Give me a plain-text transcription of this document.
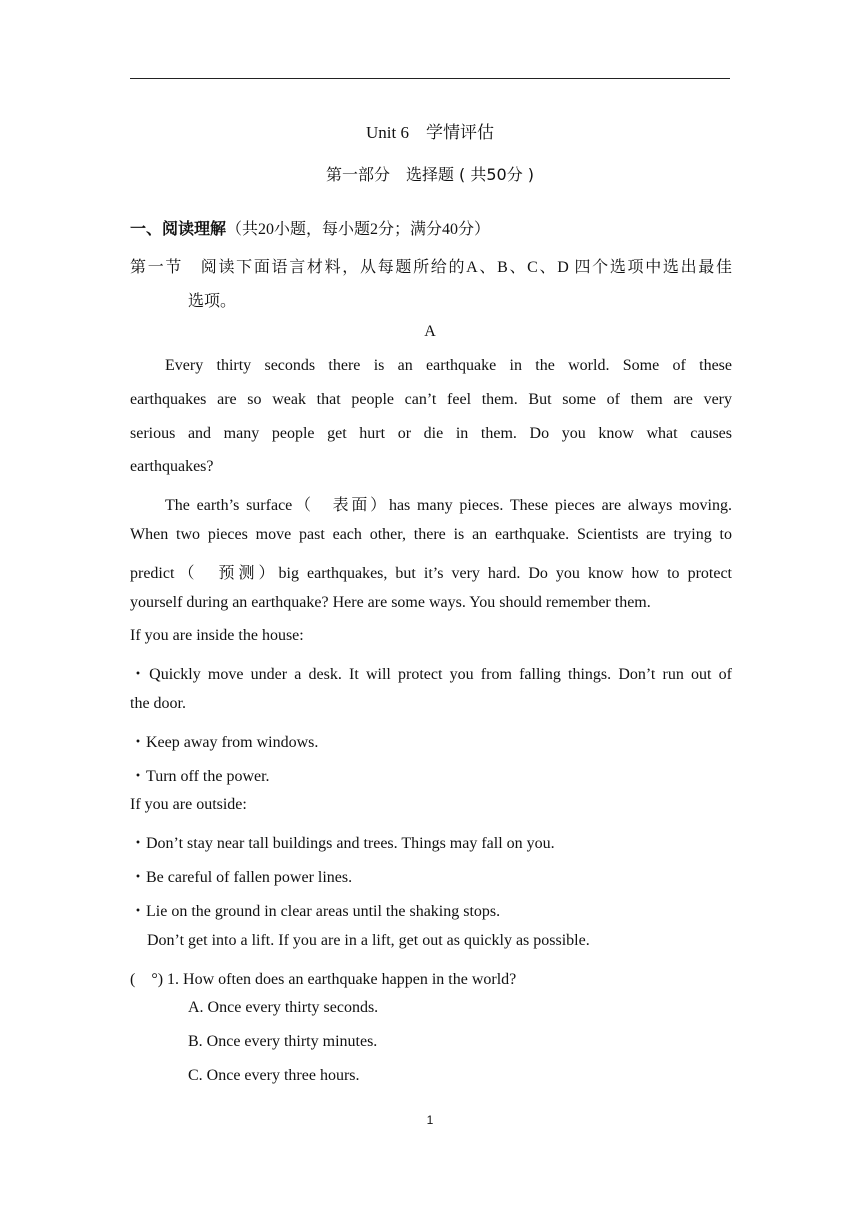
Unit 6　学情评估
第一部分　选择题 ( 共50分 )
一、阅读理解（共20小题，每小题2分；满分40分）
第一节　阅读下面语言材料，从每题所给的A、B、C、D 四个选项中选出最佳
选项。
A
Every thirty seconds there is an earthquake in the world. Some of these
earthquakes are so weak that people can’t feel them. But some of them are very
serious and many people get hurt or die in them. Do you know what causes
earthquakes?
The earth’s surface（　表面）has many pieces. These pieces are always moving.
When two pieces move past each other, there is an earthquake. Scientists are trying to
predict（　预测）big earthquakes, but it’s very hard. Do you know how to protect
yourself during an earthquake? Here are some ways. You should remember them.
If you are inside the house:
・Quickly move under a desk. It will protect you from falling things. Don’t run out of
the door.
・Keep away from windows.
・Turn off the power.
If you are outside:
・Don’t stay near tall buildings and trees. Things may fall on you.
・Be careful of fallen power lines.
・Lie on the ground in clear areas until the shaking stops.
Don’t get into a lift. If you are in a lift, get out as quickly as possible.
(　°) 1. How often does an earthquake happen in the world?
A. Once every thirty seconds.
B. Once every thirty minutes.
C. Once every three hours.
1
